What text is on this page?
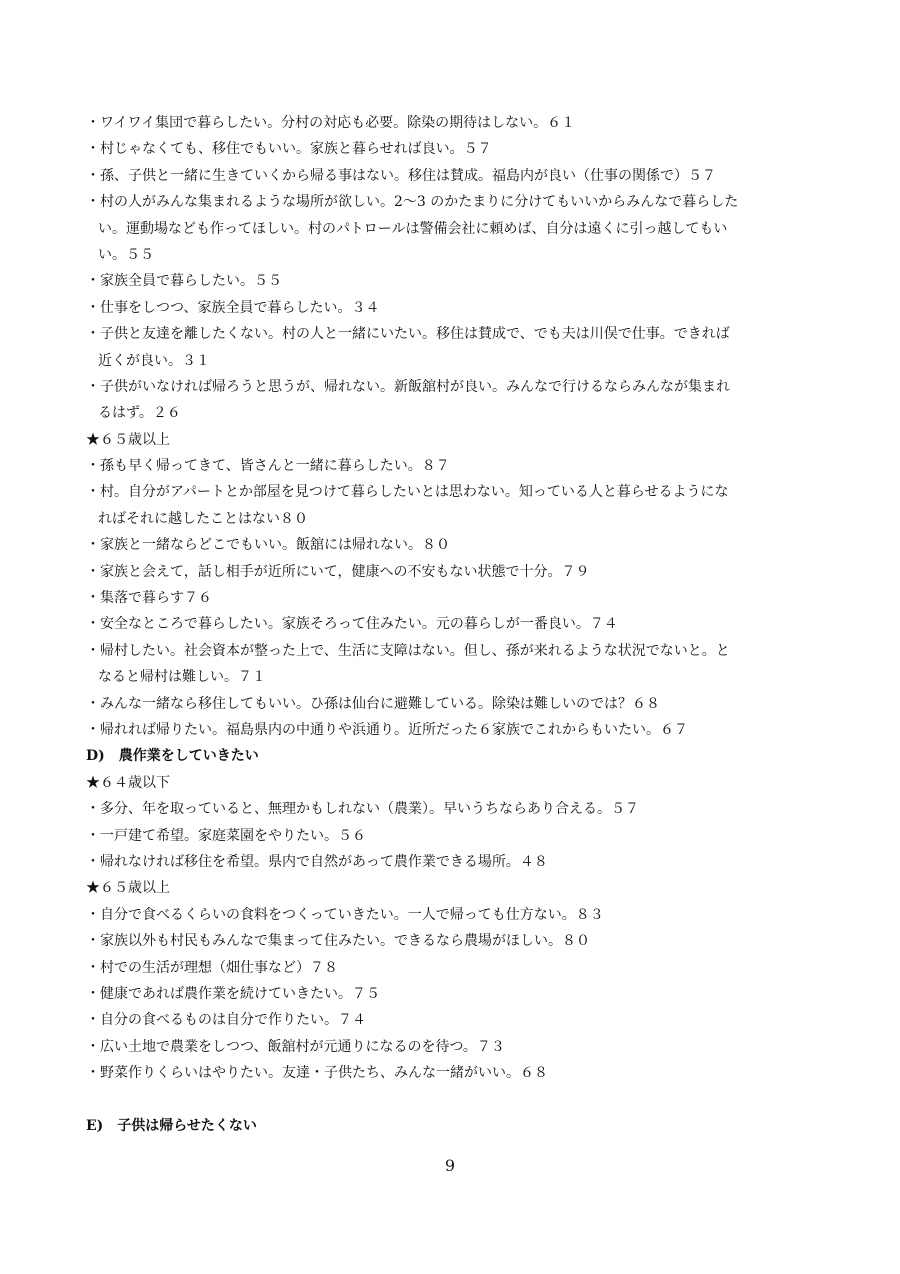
・ワイワイ集団で暮らしたい。分村の対応も必要。除染の期待はしない。６１
・村じゃなくても、移住でもいい。家族と暮らせれば良い。５７
・孫、子供と一緒に生きていくから帰る事はない。移住は賛成。福島内が良い（仕事の関係で）５７
・村の人がみんな集まれるような場所が欲しい。2〜3 のかたまりに分けてもいいからみんなで暮らした
い。運動場なども作ってほしい。村のパトロールは警備会社に頼めば、自分は遠くに引っ越してもい
い。５５
・家族全員で暮らしたい。５５
・仕事をしつつ、家族全員で暮らしたい。３４
・子供と友達を離したくない。村の人と一緒にいたい。移住は賛成で、でも夫は川俣で仕事。できれば
近くが良い。３１
・子供がいなければ帰ろうと思うが、帰れない。新飯舘村が良い。みんなで行けるならみんなが集まれ
るはず。２６
★６５歳以上
・孫も早く帰ってきて、皆さんと一緒に暮らしたい。８７
・村。自分がアパートとか部屋を見つけて暮らしたいとは思わない。知っている人と暮らせるようにな
ればそれに越したことはない８０
・家族と一緒ならどこでもいい。飯舘には帰れない。８０
・家族と会えて，話し相手が近所にいて，健康への不安もない状態で十分。７９
・集落で暮らす７６
・安全なところで暮らしたい。家族そろって住みたい。元の暮らしが一番良い。７４
・帰村したい。社会資本が整った上で、生活に支障はない。但し、孫が来れるような状況でないと。と
なると帰村は難しい。７１
・みんな一緒なら移住してもいい。ひ孫は仙台に避難している。除染は難しいのでは？６８
・帰れれば帰りたい。福島県内の中通りや浜通り。近所だった６家族でこれからもいたい。６７
D)　農作業をしていきたい
★６４歳以下
・多分、年を取っていると、無理かもしれない（農業）。早いうちならあり合える。５７
・一戸建て希望。家庭菜園をやりたい。５６
・帰れなければ移住を希望。県内で自然があって農作業できる場所。４８
★６５歳以上
・自分で食べるくらいの食料をつくっていきたい。一人で帰っても仕方ない。８３
・家族以外も村民もみんなで集まって住みたい。できるなら農場がほしい。８０
・村での生活が理想（畑仕事など）７８
・健康であれば農作業を続けていきたい。７５
・自分の食べるものは自分で作りたい。７４
・広い土地で農業をしつつ、飯舘村が元通りになるのを待つ。７３
・野菜作りくらいはやりたい。友達・子供たち、みんな一緒がいい。６８
E)　子供は帰らせたくない
9
